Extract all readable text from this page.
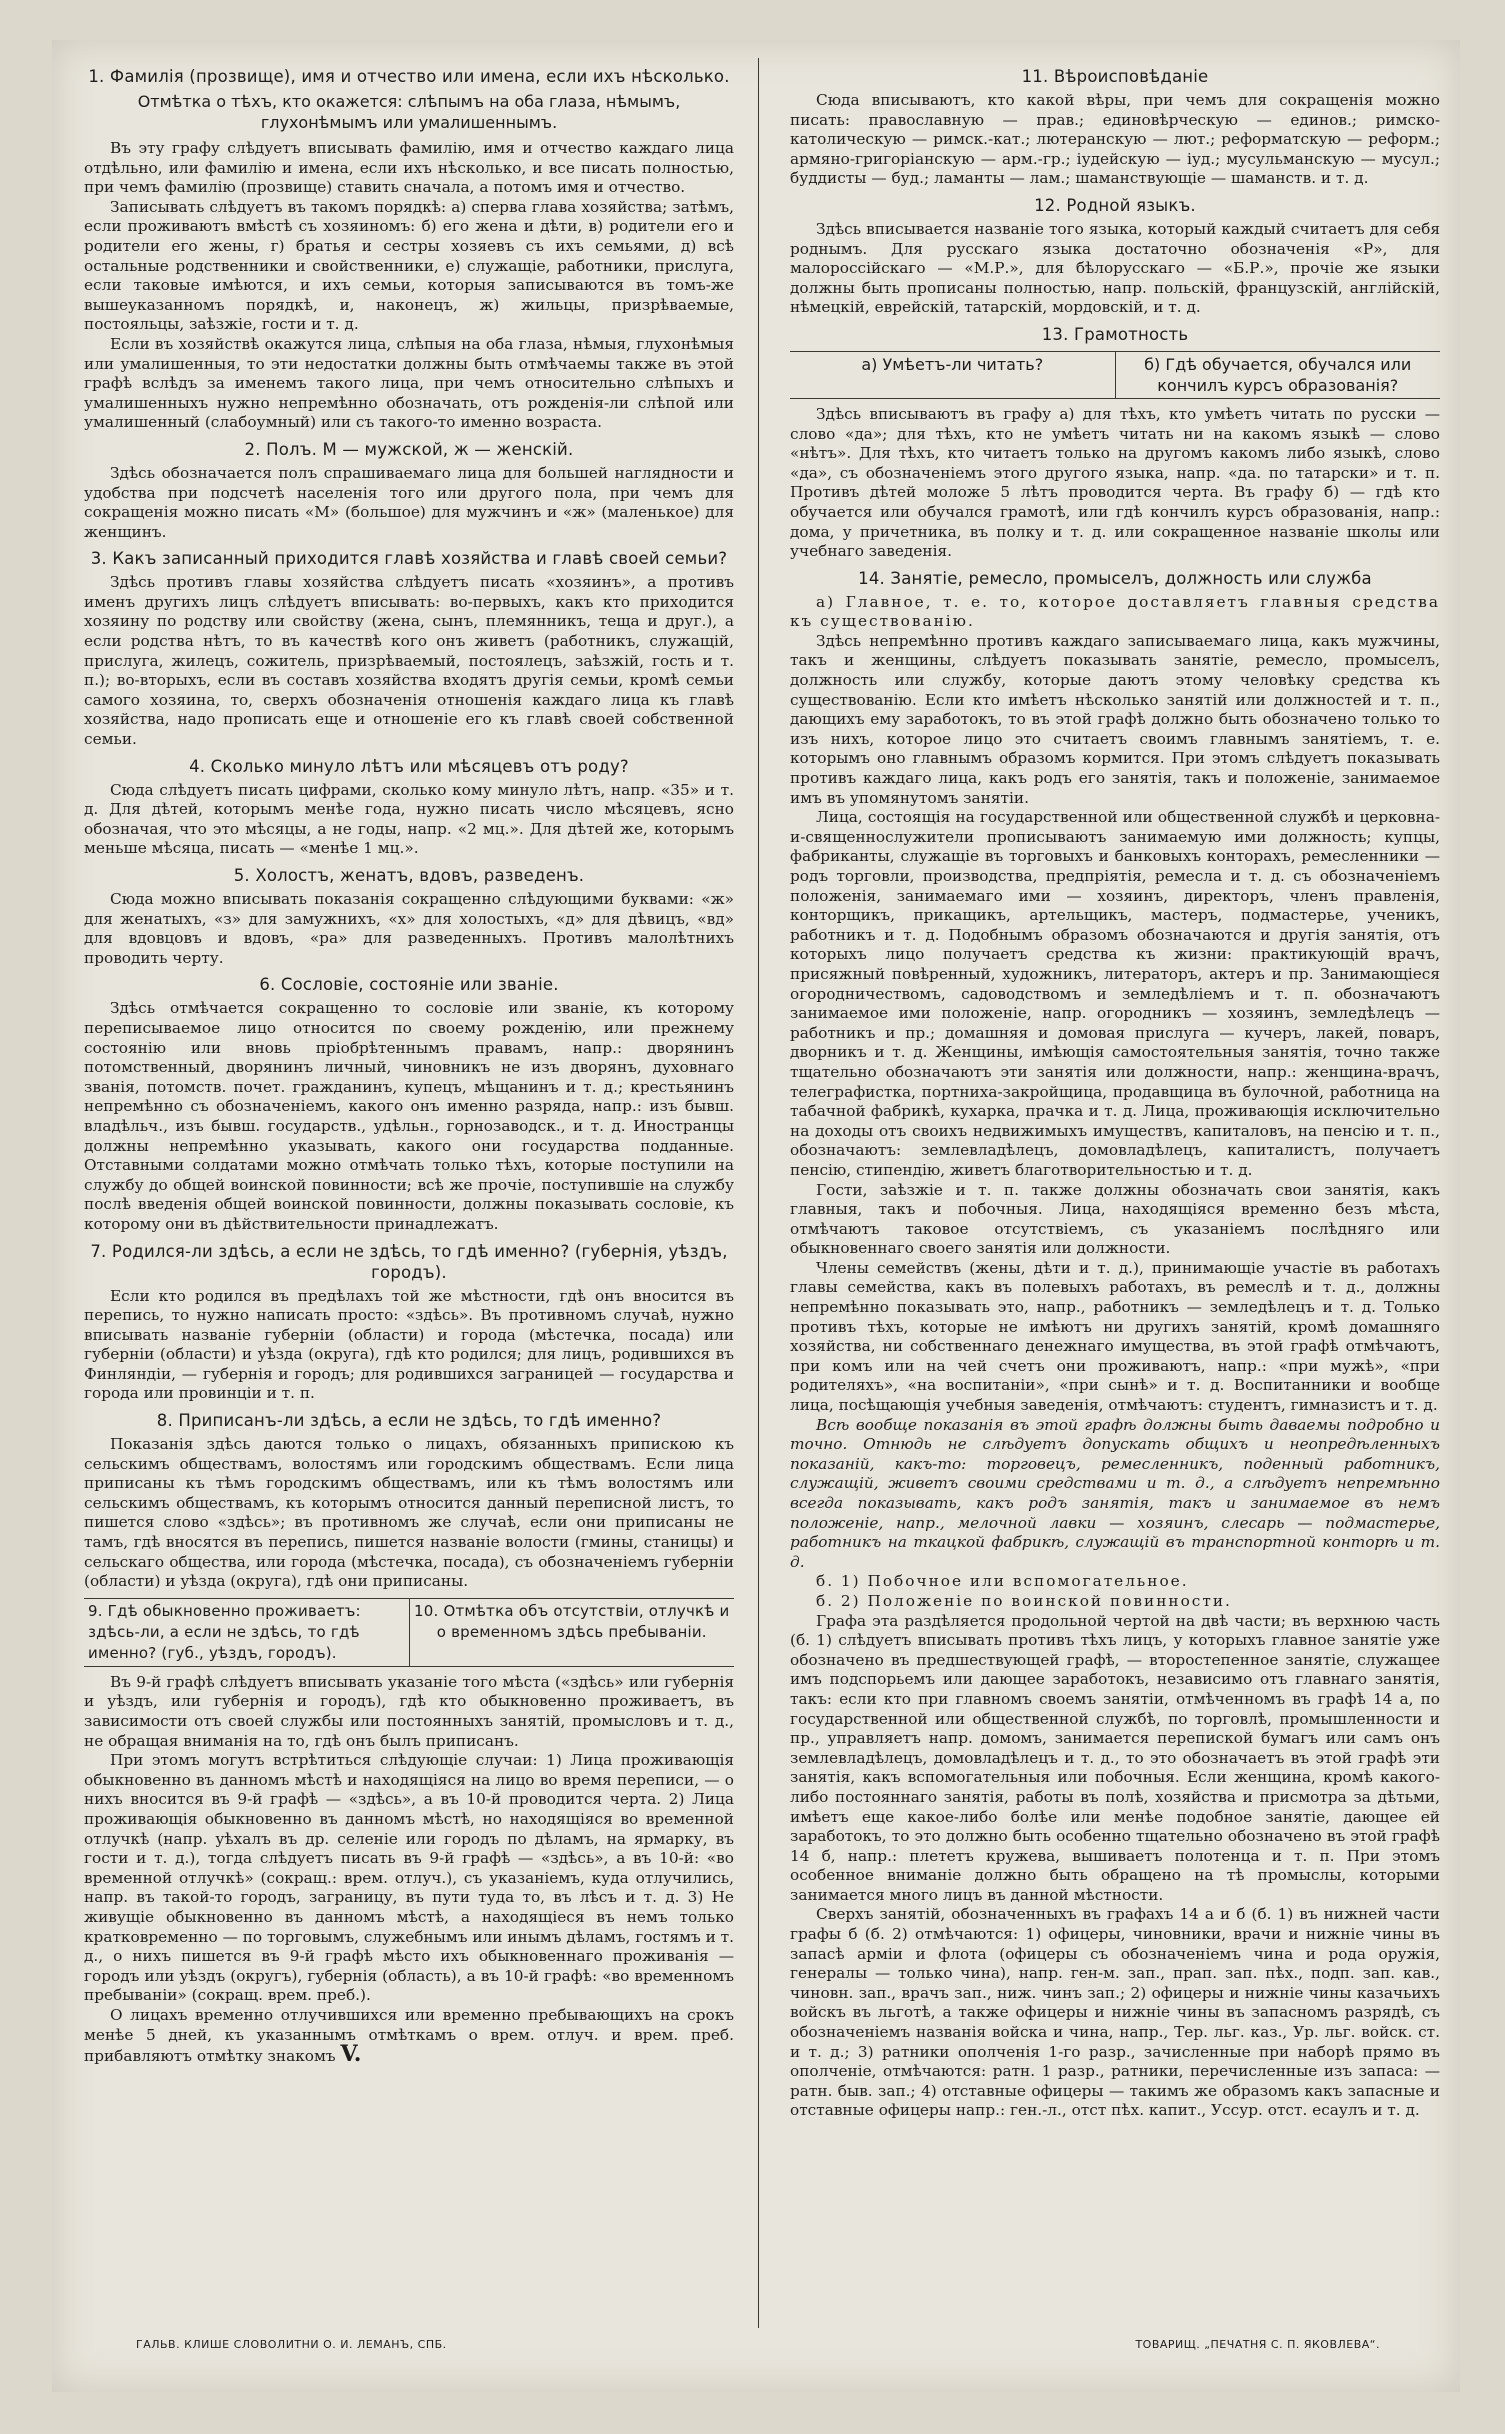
1. Фамилія (прозвище), имя и отчество или имена, если ихъ нѣсколько.
Отмѣтка о тѣхъ, кто окажется: слѣпымъ на оба глаза, нѣмымъ, глухонѣмымъ или умалишеннымъ.

Въ эту графу слѣдуетъ вписывать фамилію, имя и отчество каждаго лица отдѣльно, или фамилію и имена, если ихъ нѣсколько, и все писать полностью, при чемъ фамилію (прозвище) ставить сначала, а потомъ имя и отчество.

Записывать слѣдуетъ въ такомъ порядкѣ: а) сперва глава хозяйства; затѣмъ, если проживаютъ вмѣстѣ съ хозяиномъ: б) его жена и дѣти, в) родители его и родители его жены, г) братья и сестры хозяевъ съ ихъ семьями, д) всѣ остальные родственники и свойственники, е) служащіе, работники, прислуга, если таковые имѣются, и ихъ семьи, которыя записываются въ томъ-же вышеуказанномъ порядкѣ, и, наконецъ, ж) жильцы, призрѣваемые, постояльцы, заѣзжіе, гости и т. д.

Если въ хозяйствѣ окажутся лица, слѣпыя на оба глаза, нѣмыя, глухонѣмыя или умалишенныя, то эти недостатки должны быть отмѣчаемы также въ этой графѣ вслѣдъ за именемъ такого лица, при чемъ относительно слѣпыхъ и умалишенныхъ нужно непремѣнно обозначать, отъ рожденія-ли слѣпой или умалишенный (слабоумный) или съ такого-то именно возраста.

2. Полъ. М — мужской, ж — женскій.

Здѣсь обозначается полъ спрашиваемаго лица для большей наглядности и удобства при подсчетѣ населенія того или другого пола, при чемъ для сокращенія можно писать «М» (большое) для мужчинъ и «ж» (маленькое) для женщинъ.

3. Какъ записанный приходится главѣ хозяйства и главѣ своей семьи?

Здѣсь противъ главы хозяйства слѣдуетъ писать «хозяинъ», а противъ именъ другихъ лицъ слѣдуетъ вписывать: во-первыхъ, какъ кто приходится хозяину по родству или свойству (жена, сынъ, племянникъ, теща и друг.), а если родства нѣтъ, то въ качествѣ кого онъ живетъ (работникъ, служащій, прислуга, жилецъ, сожитель, призрѣваемый, постоялецъ, заѣзжій, гость и т. п.); во-вторыхъ, если въ составъ хозяйства входятъ другія семьи, кромѣ семьи самого хозяина, то, сверхъ обозначенія отношенія каждаго лица къ главѣ хозяйства, надо прописать еще и отношеніе его къ главѣ своей собственной семьи.

4. Сколько минуло лѣтъ или мѣсяцевъ отъ роду?

Сюда слѣдуетъ писать цифрами, сколько кому минуло лѣтъ, напр. «35» и т. д. Для дѣтей, которымъ менѣе года, нужно писать число мѣсяцевъ, ясно обозначая, что это мѣсяцы, а не годы, напр. «2 мц.». Для дѣтей же, которымъ меньше мѣсяца, писать — «менѣе 1 мц.».

5. Холостъ, женатъ, вдовъ, разведенъ.

Сюда можно вписывать показанія сокращенно слѣдующими буквами: «ж» для женатыхъ, «з» для замужнихъ, «х» для холостыхъ, «д» для дѣвицъ, «вд» для вдовцовъ и вдовъ, «ра» для разведенныхъ. Противъ малолѣтнихъ проводить черту.

6. Сословіе, состояніе или званіе.

Здѣсь отмѣчается сокращенно то сословіе или званіе, къ которому переписываемое лицо относится по своему рожденію, или прежнему состоянію или вновь пріобрѣтеннымъ правамъ, напр.: дворянинъ потомственный, дворянинъ личный, чиновникъ не изъ дворянъ, духовнаго званія, потомств. почет. гражданинъ, купецъ, мѣщанинъ и т. д.; крестьянинъ непремѣнно съ обозначеніемъ, какого онъ именно разряда, напр.: изъ бывш. владѣльч., изъ бывш. государств., удѣльн., горнозаводск., и т. д. Иностранцы должны непремѣнно указывать, какого они государства подданные. Отставными солдатами можно отмѣчать только тѣхъ, которые поступили на службу до общей воинской повинности; всѣ же прочіе, поступившіе на службу послѣ введенія общей воинской повинности, должны показывать сословіе, къ которому они въ дѣйствительности принадлежатъ.

7. Родился-ли здѣсь, а если не здѣсь, то гдѣ именно? (губернія, уѣздъ, городъ).

Если кто родился въ предѣлахъ той же мѣстности, гдѣ онъ вносится въ перепись, то нужно написать просто: «здѣсь». Въ противномъ случаѣ, нужно вписывать названіе губерніи (области) и города (мѣстечка, посада) или губерніи (области) и уѣзда (округа), гдѣ кто родился; для лицъ, родившихся въ Финляндіи, — губернія и городъ; для родившихся заграницей — государства и города или провинціи и т. п.

8. Приписанъ-ли здѣсь, а если не здѣсь, то гдѣ именно?

Показанія здѣсь даются только о лицахъ, обязанныхъ припискою къ сельскимъ обществамъ, волостямъ или городскимъ обществамъ. Если лица приписаны къ тѣмъ городскимъ обществамъ, или къ тѣмъ волостямъ или сельскимъ обществамъ, къ которымъ относится данный переписной листъ, то пишется слово «здѣсь»; въ противномъ же случаѣ, если они приписаны не тамъ, гдѣ вносятся въ перепись, пишется названіе волости (гмины, станицы) и сельскаго общества, или города (мѣстечка, посада), съ обозначеніемъ губерніи (области) и уѣзда (округа), гдѣ они приписаны.

9. Гдѣ обыкновенно проживаетъ: здѣсь-ли, а если не здѣсь, то гдѣ именно? (губ., уѣздъ, городъ).
10. Отмѣтка объ отсутствіи, отлучкѣ и о временномъ здѣсь пребываніи.

Въ 9-й графѣ слѣдуетъ вписывать указаніе того мѣста («здѣсь» или губернія и уѣздъ, или губернія и городъ), гдѣ кто обыкновенно проживаетъ, въ зависимости отъ своей службы или постоянныхъ занятій, промысловъ и т. д., не обращая вниманія на то, гдѣ онъ былъ приписанъ.

При этомъ могутъ встрѣтиться слѣдующіе случаи: 1) Лица проживающія обыкновенно въ данномъ мѣстѣ и находящіяся на лицо во время переписи, — о нихъ вносится въ 9-й графѣ — «здѣсь», а въ 10-й проводится черта. 2) Лица проживающія обыкновенно въ данномъ мѣстѣ, но находящіяся во временной отлучкѣ (напр. уѣхалъ въ др. селеніе или городъ по дѣламъ, на ярмарку, въ гости и т. д.), тогда слѣдуетъ писать въ 9-й графѣ — «здѣсь», а въ 10-й: «во временной отлучкѣ» (сокращ.: врем. отлуч.), съ указаніемъ, куда отлучились, напр. въ такой-то городъ, заграницу, въ пути туда то, въ лѣсъ и т. д. 3) Не живущіе обыкновенно въ данномъ мѣстѣ, а находящіеся въ немъ только кратковременно — по торговымъ, служебнымъ или инымъ дѣламъ, гостямъ и т. д., о нихъ пишется въ 9-й графѣ мѣсто ихъ обыкновеннаго проживанія — городъ или уѣздъ (округъ), губернія (область), а въ 10-й графѣ: «во временномъ пребываніи» (сокращ. врем. преб.).

О лицахъ временно отлучившихся или временно пребывающихъ на срокъ менѣе 5 дней, къ указаннымъ отмѣткамъ о врем. отлуч. и врем. преб. прибавляютъ отмѣтку знакомъ V.

11. Вѣроисповѣданіе

Сюда вписываютъ, кто какой вѣры, при чемъ для сокращенія можно писать: православную — прав.; единовѣрческую — единов.; римско-католическую — римск.-кат.; лютеранскую — лют.; реформатскую — реформ.; армяно-григоріанскую — арм.-гр.; іудейскую — іуд.; мусульманскую — мусул.; буддисты — буд.; ламанты — лам.; шаманствующіе — шаманств. и т. д.

12. Родной языкъ.

Здѣсь вписывается названіе того языка, который каждый считаетъ для себя роднымъ. Для русскаго языка достаточно обозначенія «Р», для малороссійскаго — «М.Р.», для бѣлорусскаго — «Б.Р.», прочіе же языки должны быть прописаны полностью, напр. польскій, французскій, англійскій, нѣмецкій, еврейскій, татарскій, мордовскій, и т. д.

13. Грамотность
а) Умѣетъ-ли читать?	б) Гдѣ обучается, обучался или кончилъ курсъ образованія?

Здѣсь вписываютъ въ графу а) для тѣхъ, кто умѣетъ читать по русски — слово «да»; для тѣхъ, кто не умѣетъ читать ни на какомъ языкѣ — слово «нѣтъ». Для тѣхъ, кто читаетъ только на другомъ какомъ либо языкѣ, слово «да», съ обозначеніемъ этого другого языка, напр. «да. по татарски» и т. п. Противъ дѣтей моложе 5 лѣтъ проводится черта. Въ графу б) — гдѣ кто обучается или обучался грамотѣ, или гдѣ кончилъ курсъ образованія, напр.: дома, у причетника, въ полку и т. д. или сокращенное названіе школы или учебнаго заведенія.

14. Занятіе, ремесло, промыселъ, должность или служба

а) Главное, т. е. то, которое доставляетъ главныя средства къ существованію.

Здѣсь непремѣнно противъ каждаго записываемаго лица, какъ мужчины, такъ и женщины, слѣдуетъ показывать занятіе, ремесло, промыселъ, должность или службу, которые даютъ этому человѣку средства къ существованію. Если кто имѣетъ нѣсколько занятій или должностей и т. п., дающихъ ему заработокъ, то въ этой графѣ должно быть обозначено только то изъ нихъ, которое лицо это считаетъ своимъ главнымъ занятіемъ, т. е. которымъ оно главнымъ образомъ кормится. При этомъ слѣдуетъ показывать противъ каждаго лица, какъ родъ его занятія, такъ и положеніе, занимаемое имъ въ упомянутомъ занятіи.

Лица, состоящія на государственной или общественной службѣ и церковна-и-священнослужители прописываютъ занимаемую ими должность; купцы, фабриканты, служащіе въ торговыхъ и банковыхъ конторахъ, ремесленники — родъ торговли, производства, предпріятія, ремесла и т. д. съ обозначеніемъ положенія, занимаемаго ими — хозяинъ, директоръ, членъ правленія, конторщикъ, прикащикъ, артельщикъ, мастеръ, подмастерье, ученикъ, работникъ и т. д. Подобнымъ образомъ обозначаются и другія занятія, отъ которыхъ лицо получаетъ средства къ жизни: практикующій врачъ, присяжный повѣренный, художникъ, литераторъ, актеръ и пр. Занимающіеся огородничествомъ, садоводствомъ и земледѣліемъ и т. п. обозначаютъ занимаемое ими положеніе, напр. огородникъ — хозяинъ, земледѣлецъ — работникъ и пр.; домашняя и домовая прислуга — кучеръ, лакей, поваръ, дворникъ и т. д. Женщины, имѣющія самостоятельныя занятія, точно также тщательно обозначаютъ эти занятія или должности, напр.: женщина-врачъ, телеграфистка, портниха-закройщица, продавщица въ булочной, работница на табачной фабрикѣ, кухарка, прачка и т. д. Лица, проживающія исключительно на доходы отъ своихъ недвижимыхъ имуществъ, капиталовъ, на пенсію и т. п., обозначаютъ: землевладѣлецъ, домовладѣлецъ, капиталистъ, получаетъ пенсію, стипендію, живетъ благотворительностью и т. д.

Гости, заѣзжіе и т. п. также должны обозначать свои занятія, какъ главныя, такъ и побочныя. Лица, находящіяся временно безъ мѣста, отмѣчаютъ таковое отсутствіемъ, съ указаніемъ послѣдняго или обыкновеннаго своего занятія или должности.

Члены семействъ (жены, дѣти и т. д.), принимающіе участіе въ работахъ главы семейства, какъ въ полевыхъ работахъ, въ ремеслѣ и т. д., должны непремѣнно показывать это, напр., работникъ — земледѣлецъ и т. д. Только противъ тѣхъ, которые не имѣютъ ни другихъ занятій, кромѣ домашняго хозяйства, ни собственнаго денежнаго имущества, въ этой графѣ отмѣчаютъ, при комъ или на чей счетъ они проживаютъ, напр.: «при мужѣ», «при родителяхъ», «на воспитаніи», «при сынѣ» и т. д. Воспитанники и вообще лица, посѣщающія учебныя заведенія, отмѣчаютъ: студентъ, гимназистъ и т. д.

Всѣ вообще показанія въ этой графѣ должны быть даваемы подробно и точно. Отнюдь не слѣдуетъ допускать общихъ и неопредѣленныхъ показаній, какъ-то: торговецъ, ремесленникъ, поденный работникъ, служащій, живетъ своими средствами и т. д., а слѣдуетъ непремѣнно всегда показывать, какъ родъ занятія, такъ и занимаемое въ немъ положеніе, напр., мелочной лавки — хозяинъ, слесарь — подмастерье, работникъ на ткацкой фабрикѣ, служащій въ транспортной конторѣ и т. д.

б. 1) Побочное или вспомогательное.

б. 2) Положеніе по воинской повинности.

Графа эта раздѣляется продольной чертой на двѣ части; въ верхнюю часть (б. 1) слѣдуетъ вписывать противъ тѣхъ лицъ, у которыхъ главное занятіе уже обозначено въ предшествующей графѣ, — второстепенное занятіе, служащее имъ подспорьемъ или дающее заработокъ, независимо отъ главнаго занятія, такъ: если кто при главномъ своемъ занятіи, отмѣченномъ въ графѣ 14 а, по государственной или общественной службѣ, по торговлѣ, промышленности и пр., управляетъ напр. домомъ, занимается перепиской бумагъ или самъ онъ землевладѣлецъ, домовладѣлецъ и т. д., то это обозначаетъ въ этой графѣ эти занятія, какъ вспомогательныя или побочныя. Если женщина, кромѣ какого-либо постояннаго занятія, работы въ полѣ, хозяйства и присмотра за дѣтьми, имѣетъ еще какое-либо болѣе или менѣе подобное занятіе, дающее ей заработокъ, то это должно быть особенно тщательно обозначено въ этой графѣ 14 б, напр.: плететъ кружева, вышиваетъ полотенца и т. п. При этомъ особенное вниманіе должно быть обращено на тѣ промыслы, которыми занимается много лицъ въ данной мѣстности.

Сверхъ занятій, обозначенныхъ въ графахъ 14 а и б (б. 1) въ нижней части графы б (б. 2) отмѣчаются: 1) офицеры, чиновники, врачи и нижніе чины въ запасѣ арміи и флота (офицеры съ обозначеніемъ чина и рода оружія, генералы — только чина), напр. ген-м. зап., прап. зап. пѣх., подп. зап. кав., чиновн. зап., врачъ зап., ниж. чинъ зап.; 2) офицеры и нижніе чины казачьихъ войскъ въ льготѣ, а также офицеры и нижніе чины въ запасномъ разрядѣ, съ обозначеніемъ названія войска и чина, напр., Тер. льг. каз., Ур. льг. войск. ст. и т. д.; 3) ратники ополченія 1-го разр., зачисленные при наборѣ прямо въ ополченіе, отмѣчаются: ратн. 1 разр., ратники, перечисленные изъ запаса: — ратн. быв. зап.; 4) отставные офицеры — такимъ же образомъ какъ запасные и отставные офицеры напр.: ген.-л., отст пѣх. капит., Уссур. отст. есаулъ и т. д.

ГАЛЬВ. КЛИШЕ СЛОВОЛИТНИ О. И. ЛЕМАНЪ, СПБ.	ТОВАРИЩ. „ПЕЧАТНЯ С. П. ЯКОВЛЕВА“.
